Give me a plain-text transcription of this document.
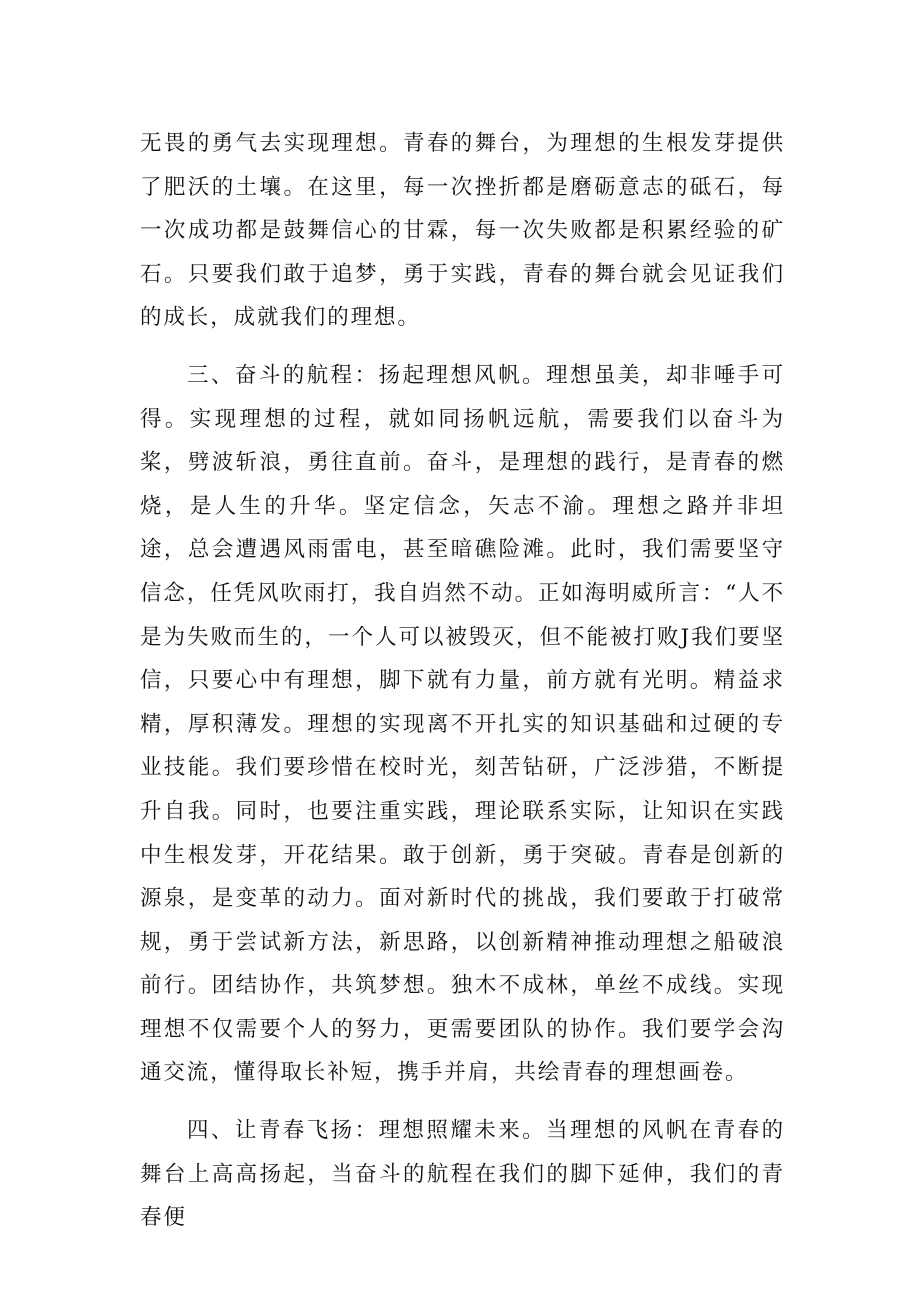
无畏的勇气去实现理想。青春的舞台，为理想的生根发芽提供了肥沃的土壤。在这里，每一次挫折都是磨砺意志的砥石，每一次成功都是鼓舞信心的甘霖，每一次失败都是积累经验的矿石。只要我们敢于追梦，勇于实践，青春的舞台就会见证我们的成长，成就我们的理想。

三、奋斗的航程：扬起理想风帆。理想虽美，却非唾手可得。实现理想的过程，就如同扬帆远航，需要我们以奋斗为桨，劈波斩浪，勇往直前。奋斗，是理想的践行，是青春的燃烧，是人生的升华。坚定信念，矢志不渝。理想之路并非坦途，总会遭遇风雨雷电，甚至暗礁险滩。此时，我们需要坚守信念，任凭风吹雨打，我自岿然不动。正如海明威所言：“人不是为失败而生的，一个人可以被毁灭，但不能被打败J我们要坚信，只要心中有理想，脚下就有力量，前方就有光明。精益求精，厚积薄发。理想的实现离不开扎实的知识基础和过硬的专业技能。我们要珍惜在校时光，刻苦钻研，广泛涉猎，不断提升自我。同时，也要注重实践，理论联系实际，让知识在实践中生根发芽，开花结果。敢于创新，勇于突破。青春是创新的源泉，是变革的动力。面对新时代的挑战，我们要敢于打破常规，勇于尝试新方法，新思路，以创新精神推动理想之船破浪前行。团结协作，共筑梦想。独木不成林，单丝不成线。实现理想不仅需要个人的努力，更需要团队的协作。我们要学会沟通交流，懂得取长补短，携手并肩，共绘青春的理想画卷。

四、让青春飞扬：理想照耀未来。当理想的风帆在青春的舞台上高高扬起，当奋斗的航程在我们的脚下延伸，我们的青春便
